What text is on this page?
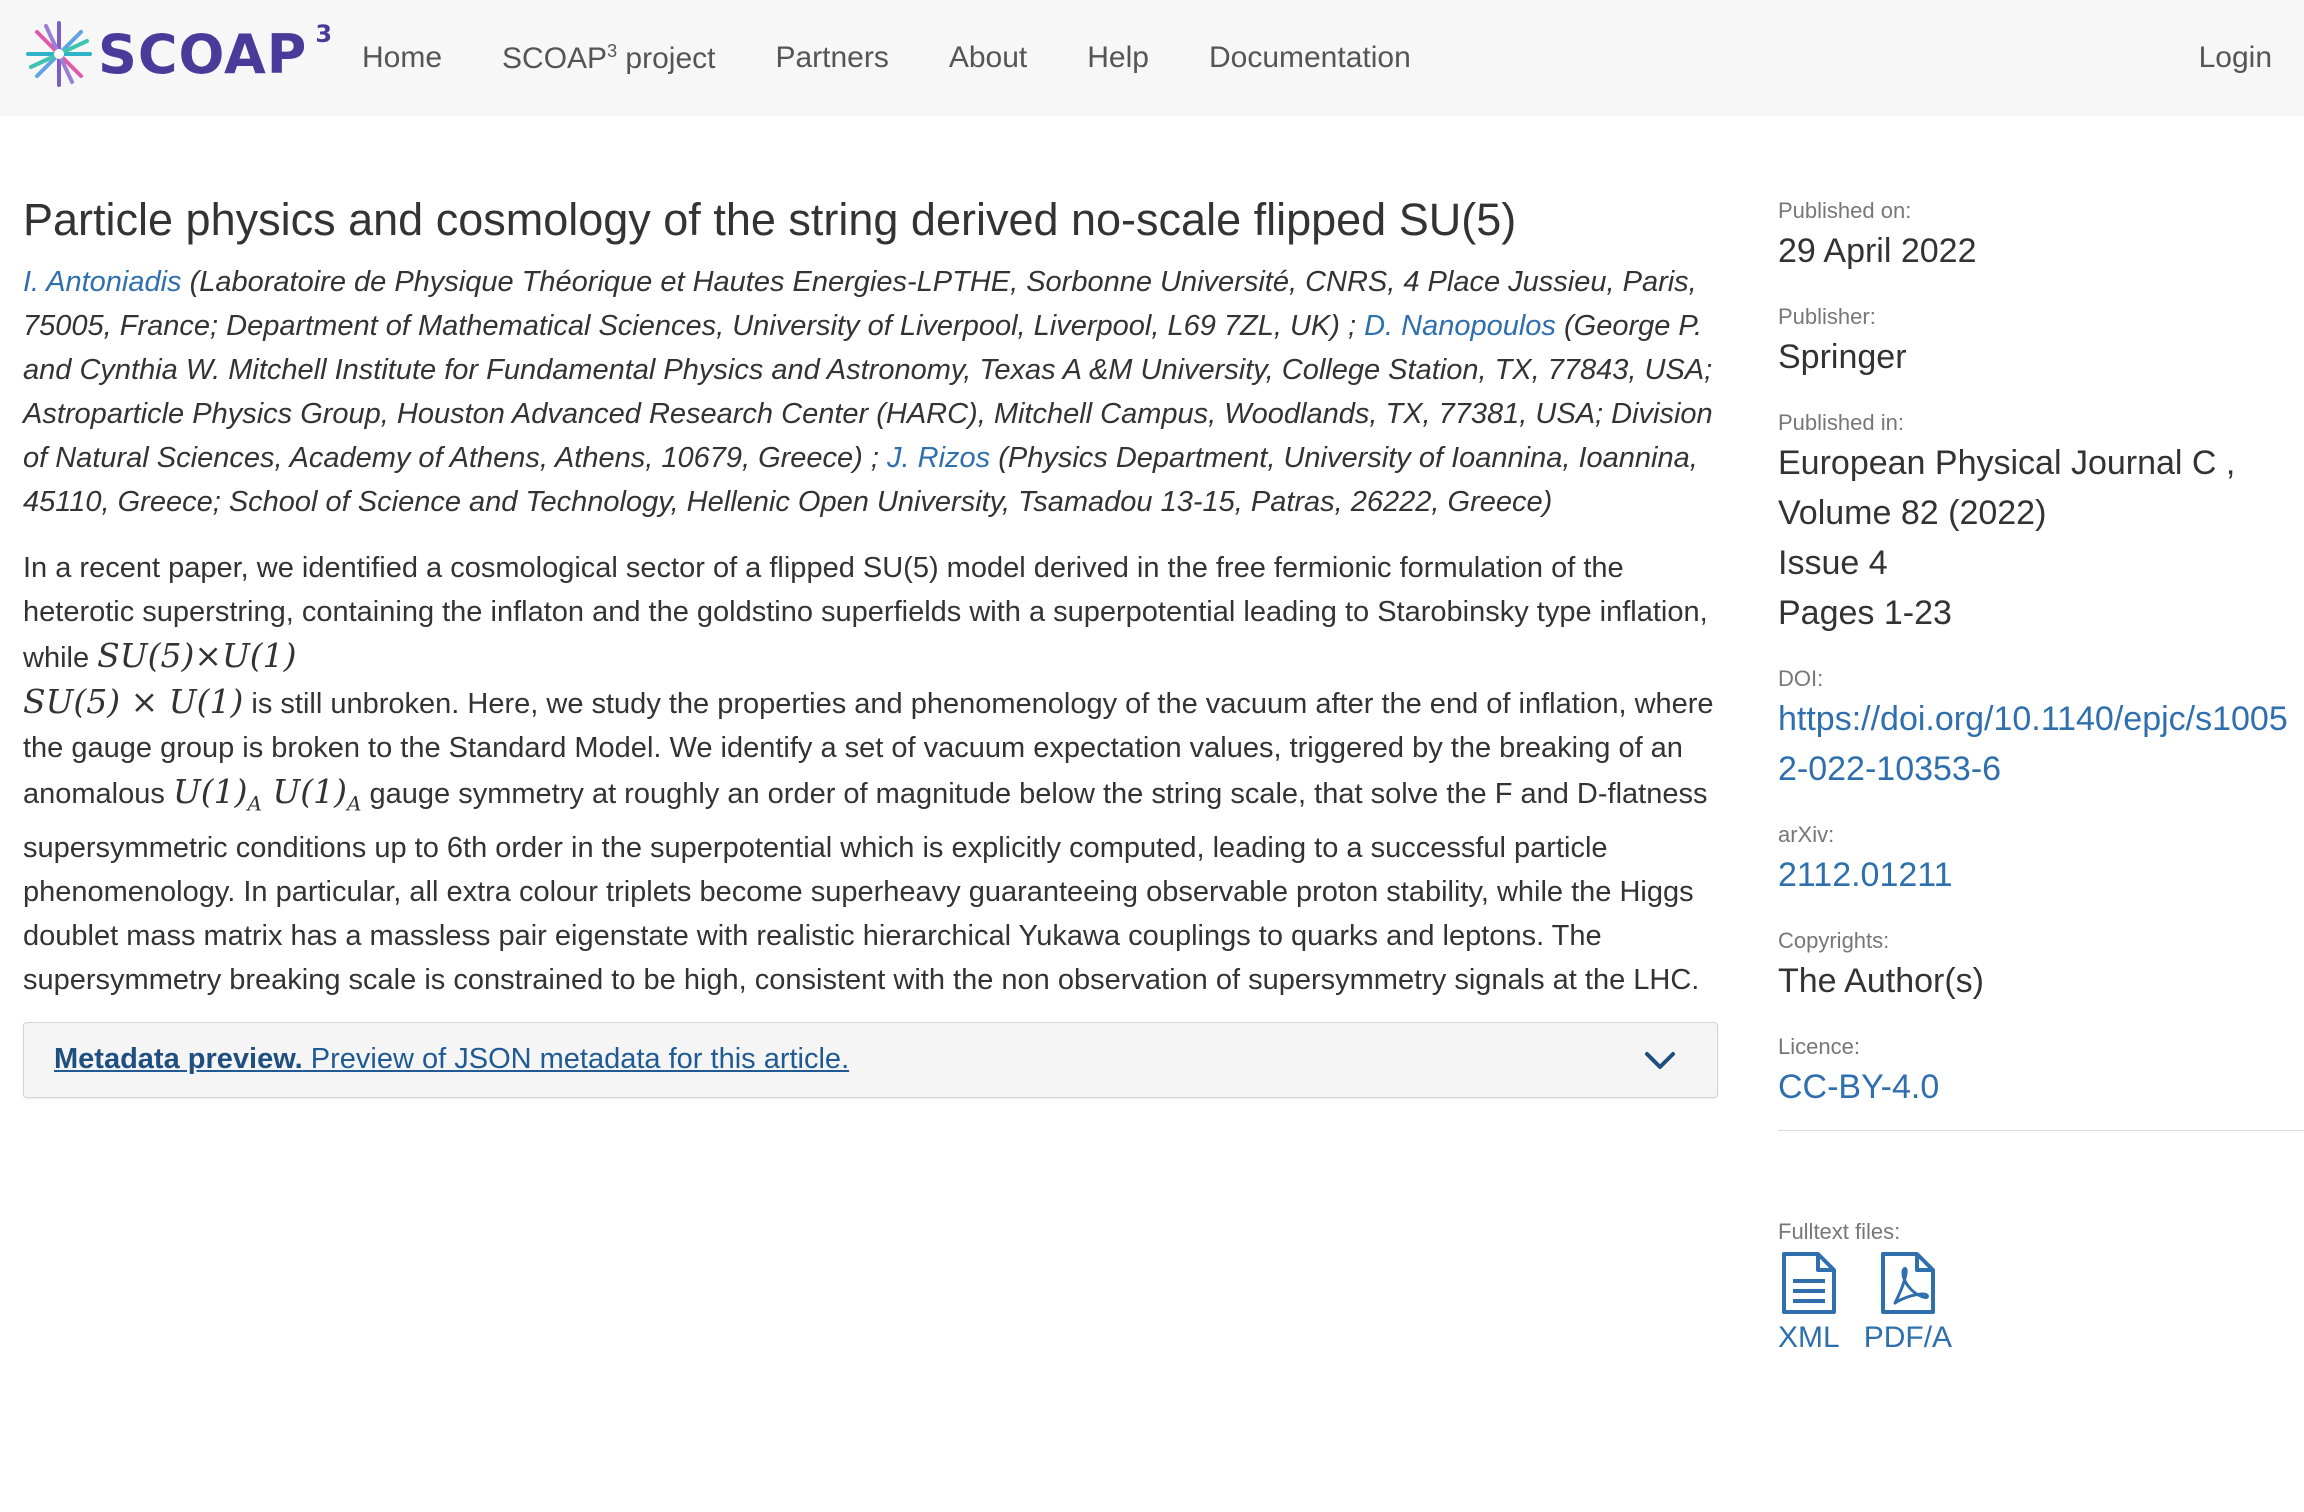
SCOAP 3
Home SCOAP$^3$ project Partners About Help Documentation	Login
Particle physics and cosmology of the string derived no-scale flipped SU(5)
I. Antoniadis (Laboratoire de Physique Théorique et Hautes Energies-LPTHE, Sorbonne Université, CNRS, 4 Place Jussieu, Paris, 75005, France; Department of Mathematical Sciences, University of Liverpool, Liverpool, L69 7ZL, UK) ; D. Nanopoulos (George P. and Cynthia W. Mitchell Institute for Fundamental Physics and Astronomy, Texas A &M University, College Station, TX, 77843, USA; Astroparticle Physics Group, Houston Advanced Research Center (HARC), Mitchell Campus, Woodlands, TX, 77381, USA; Division of Natural Sciences, Academy of Athens, Athens, 10679, Greece) ; J. Rizos (Physics Department, University of Ioannina, Ioannina, 45110, Greece; School of Science and Technology, Hellenic Open University, Tsamadou 13-15, Patras, 26222, Greece)
In a recent paper, we identified a cosmological sector of a flipped SU(5) model derived in the free fermionic formulation of the heterotic superstring, containing the inflaton and the goldstino superfields with a superpotential leading to Starobinsky type inflation, while SU(5)×U(1)
SU(5) × U(1) is still unbroken. Here, we study the properties and phenomenology of the vacuum after the end of inflation, where the gauge group is broken to the Standard Model. We identify a set of vacuum expectation values, triggered by the breaking of an anomalous $U(1)_A$ $U(1)_A$ gauge symmetry at roughly an order of magnitude below the string scale, that solve the F and D-flatness supersymmetric conditions up to 6th order in the superpotential which is explicitly computed, leading to a successful particle phenomenology. In particular, all extra colour triplets become superheavy guaranteeing observable proton stability, while the Higgs doublet mass matrix has a massless pair eigenstate with realistic hierarchical Yukawa couplings to quarks and leptons. The supersymmetry breaking scale is constrained to be high, consistent with the non observation of supersymmetry signals at the LHC.
Metadata preview. Preview of JSON metadata for this article.
Published on:
29 April 2022
Publisher:
Springer
Published in:
European Physical Journal C , Volume 82 (2022)
Issue 4
Pages 1-23
DOI:
https://doi.org/10.1140/epjc/s10052-022-10353-6
arXiv:
2112.01211
Copyrights:
The Author(s)
Licence:
CC-BY-4.0
Fulltext files:
XML PDF/A
